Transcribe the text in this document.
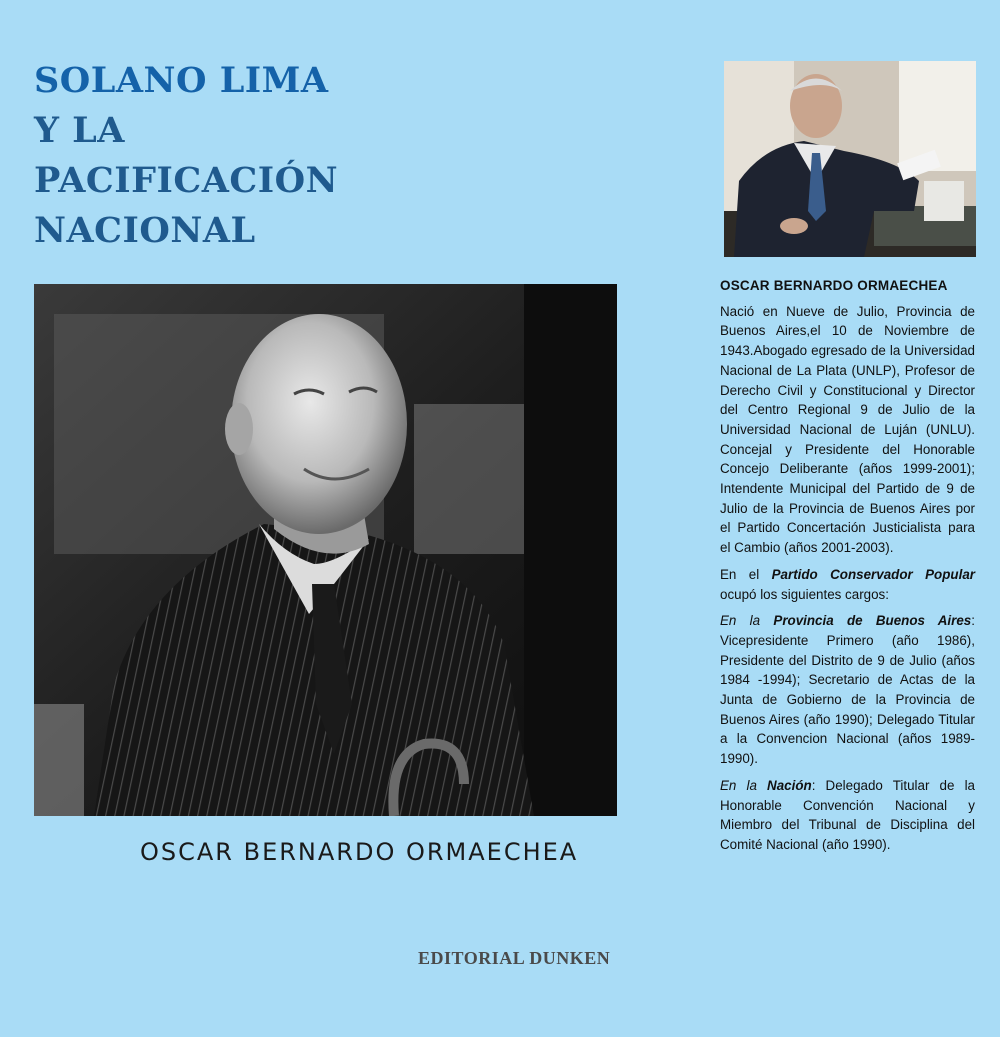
SOLANO LIMA
Y LA
PACIFICACIÓN
NACIONAL
OSCAR BERNARDO ORMAECHEA
EDITORIAL DUNKEN
OSCAR BERNARDO ORMAECHEA

Nació en Nueve de Julio, Provincia de Buenos Aires,el 10 de Noviembre de 1943.Abogado egresado de la Universidad Nacional de La Plata (UNLP), Profesor de Derecho Civil y Constitucional y Director del Centro Regional 9 de Julio de la Universidad Nacional de Luján (UNLU). Concejal y Presidente del Honorable Concejo Deliberante (años 1999-2001); Intendente Municipal del Partido de 9 de Julio de la Provincia de Buenos Aires por el Partido Concertación Justicialista para el Cambio (años 2001-2003).

En el Partido Conservador Popular ocupó los siguientes cargos:

En la Provincia de Buenos Aires: Vicepresidente Primero (año 1986), Presidente del Distrito de 9 de Julio (años 1984 -1994); Secretario de Actas de la Junta de Gobierno de la Provincia de Buenos Aires (año 1990); Delegado Titular a la Convencion Nacional (años 1989-1990).

En la Nación: Delegado Titular de la Honorable Convención Nacional y Miembro del Tribunal de Disciplina del Comité Nacional (año 1990).
